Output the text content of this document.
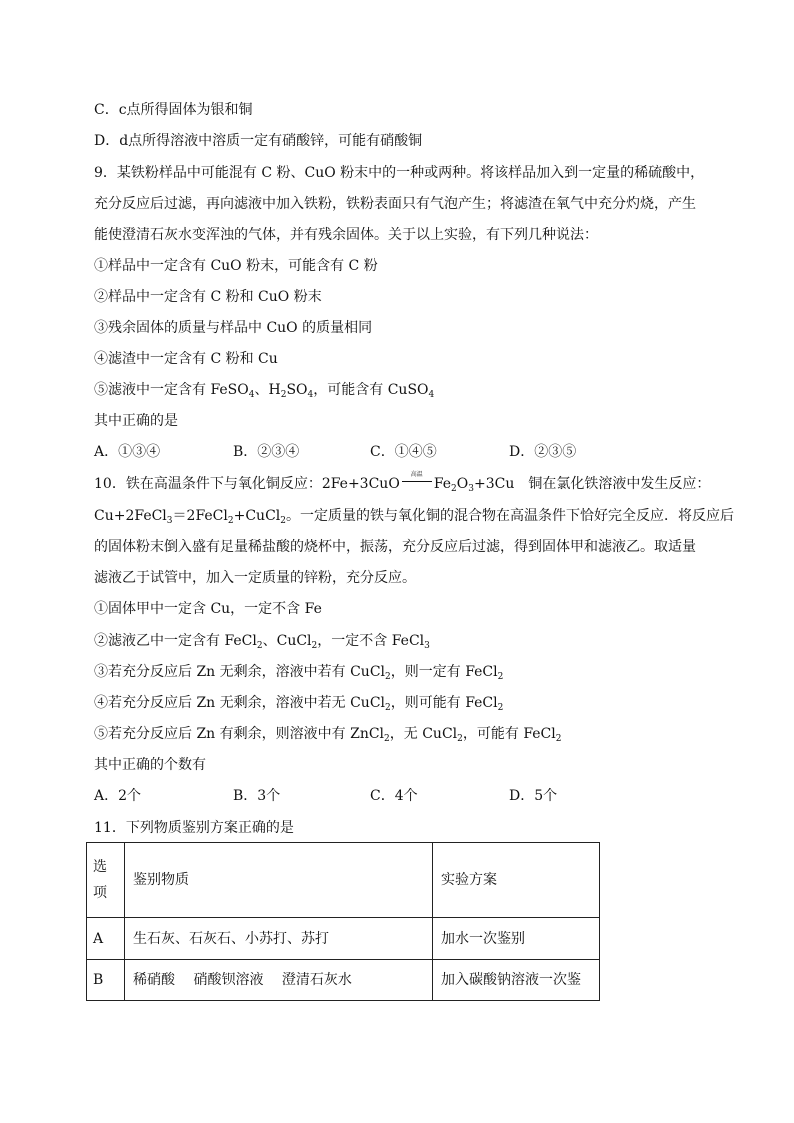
C．c点所得固体为银和铜
D．d点所得溶液中溶质一定有硝酸锌，可能有硝酸铜
9．某铁粉样品中可能混有 C 粉、CuO 粉末中的一种或两种。将该样品加入到一定量的稀硫酸中，
充分反应后过滤，再向滤液中加入铁粉，铁粉表面只有气泡产生；将滤渣在氧气中充分灼烧，产生
能使澄清石灰水变浑浊的气体，并有残余固体。关于以上实验，有下列几种说法：
①样品中一定含有 CuO 粉末，可能含有 C 粉
②样品中一定含有 C 粉和 CuO 粉末
③残余固体的质量与样品中 CuO 的质量相同
④滤渣中一定含有 C 粉和 Cu
⑤滤液中一定含有 FeSO$_4$、$H_2SO_4$，可能含有 CuSO$_4$
其中正确的是
A．①③④	B．②③④	C．①④⑤	D．②③⑤
10．铁在高温条件下与氧化铜反应：2Fe+3CuO
高温
$Fe_2O_3+3Cu$　铜在氯化铁溶液中发生反应：
Cu+2FeCl$_3$＝2FeCl$_2$+CuCl$_2$。一定质量的铁与氧化铜的混合物在高温条件下恰好完全反应．将反应后
的固体粉末倒入盛有足量稀盐酸的烧杯中，振荡，充分反应后过滤，得到固体甲和滤液乙。取适量
滤液乙于试管中，加入一定质量的锌粉，充分反应。
①固体甲中一定含 Cu，一定不含 Fe
②滤液乙中一定含有 FeCl$_2$、CuCl$_2$，一定不含 FeCl$_3$
③若充分反应后 Zn 无剩余，溶液中若有 CuCl$_2$，则一定有 FeCl$_2$
④若充分反应后 Zn 无剩余，溶液中若无 CuCl$_2$，则可能有 FeCl$_2$
⑤若充分反应后 Zn 有剩余，则溶液中有 ZnCl$_2$，无 CuCl$_2$，可能有 FeCl$_2$
其中正确的个数有
A．2个	B．3个	C．4个	D．5个
11．下列物质鉴别方案正确的是
选
项	鉴别物质	实验方案
A	生石灰、石灰石、小苏打、苏打	加水一次鉴别
B	稀硝酸　 硝酸钡溶液　 澄清石灰水	加入碳酸钠溶液一次鉴
